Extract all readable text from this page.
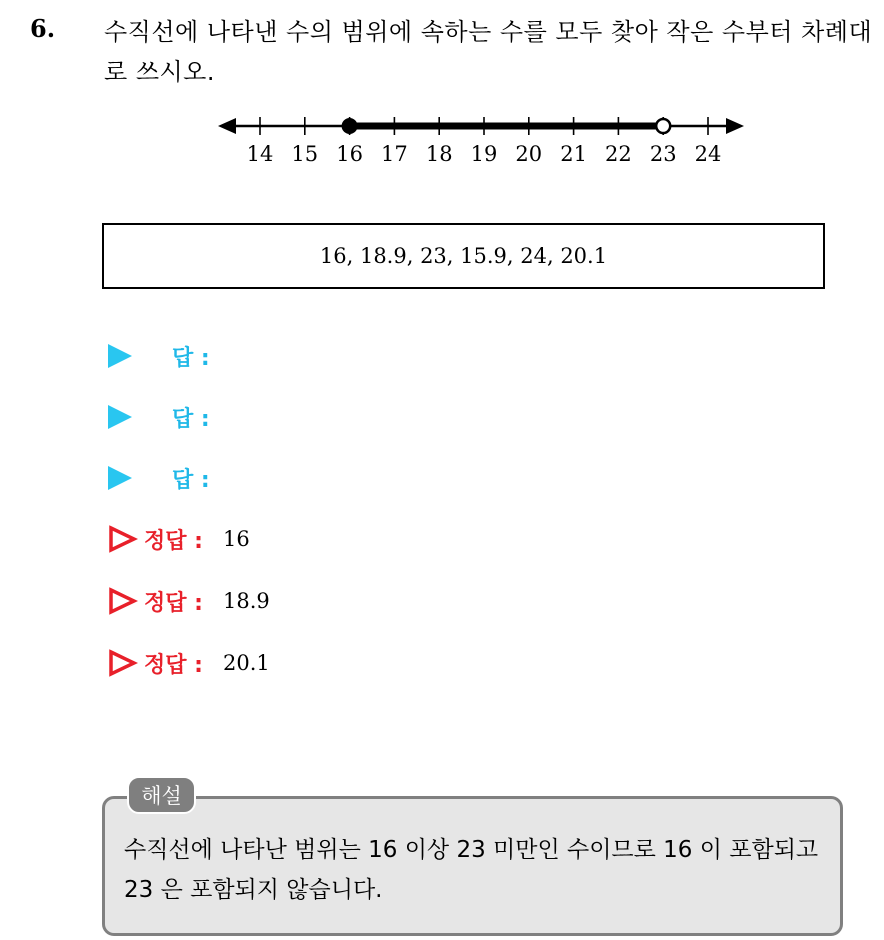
6. 수직선에 나타낸 수의 범위에 속하는 수를 모두 찾아 작은 수부터 차례대로 쓰시오.
14 15 16 17 18 19 20 21 22 23 24
16, 18.9, 23, 15.9, 24, 20.1
답 :
답 :
답 :
정답 : 16
정답 : 18.9
정답 : 20.1
해설
수직선에 나타난 범위는 16 이상 23 미만인 수이므로 16 이 포함되고 23 은 포함되지 않습니다.
